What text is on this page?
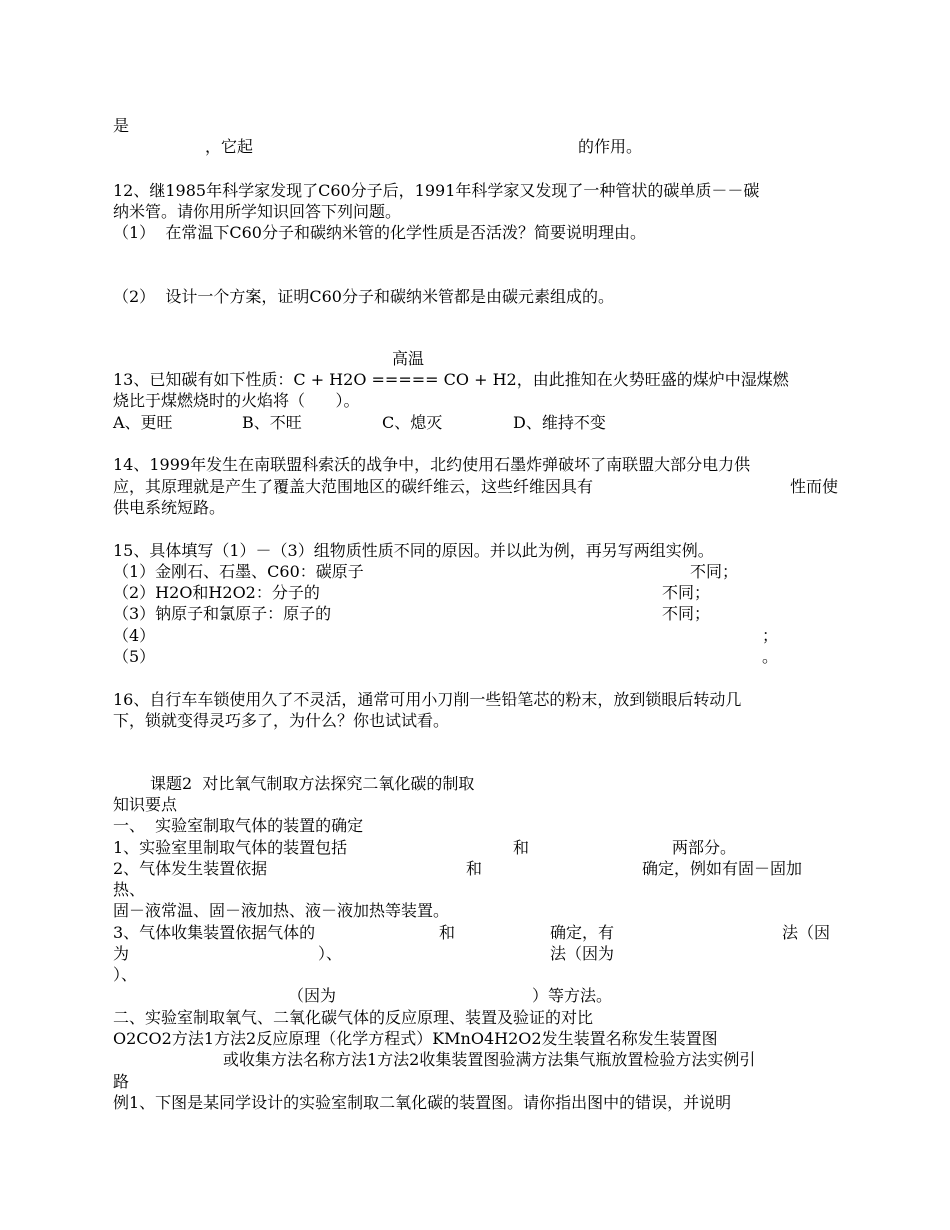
是
，它起	的作用。
12、继1985年科学家发现了C60分子后，1991年科学家又发现了一种管状的碳单质－－碳
纳米管。请你用所学知识回答下列问题。
（1）  在常温下C60分子和碳纳米管的化学性质是否活泼？简要说明理由。
（2）  设计一个方案，证明C60分子和碳纳米管都是由碳元素组成的。
高温
13、已知碳有如下性质：C + H2O ===== CO + H2，由此推知在火势旺盛的煤炉中湿煤燃
烧比于煤燃烧时的火焰将（      ）。
A、更旺	B、不旺	C、熄灭	D、维持不变
14、1999年发生在南联盟科索沃的战争中，北约使用石墨炸弹破坏了南联盟大部分电力供
应，其原理就是产生了覆盖大范围地区的碳纤维云，这些纤维因具有	性而使
供电系统短路。
15、具体填写（1）－（3）组物质性质不同的原因。并以此为例，再另写两组实例。
（1）金刚石、石墨、C60：碳原子	不同；
（2）H2O和H2O2：分子的	不同；
（3）钠原子和氯原子：原子的	不同；
（4）	；
（5）	。
16、自行车车锁使用久了不灵活，通常可用小刀削一些铅笔芯的粉末，放到锁眼后转动几
下，锁就变得灵巧多了，为什么？你也试试看。
课题2  对比氧气制取方法探究二氧化碳的制取
知识要点
一、  实验室制取气体的装置的确定
1、实验室里制取气体的装置包括	和	两部分。
2、气体发生装置依据	和	确定，例如有固－固加
热、
固－液常温、固－液加热、液－液加热等装置。
3、气体收集装置依据气体的	和	确定，有	法（因
为	）、	法（因为
）、
（因为	）等方法。
二、实验室制取氧气、二氧化碳气体的反应原理、装置及验证的对比
O2CO2方法1方法2反应原理（化学方程式）KMnO4H2O2发生装置名称发生装置图
或收集方法名称方法1方法2收集装置图验满方法集气瓶放置检验方法实例引
路
例1、下图是某同学设计的实验室制取二氧化碳的装置图。请你指出图中的错误，并说明
